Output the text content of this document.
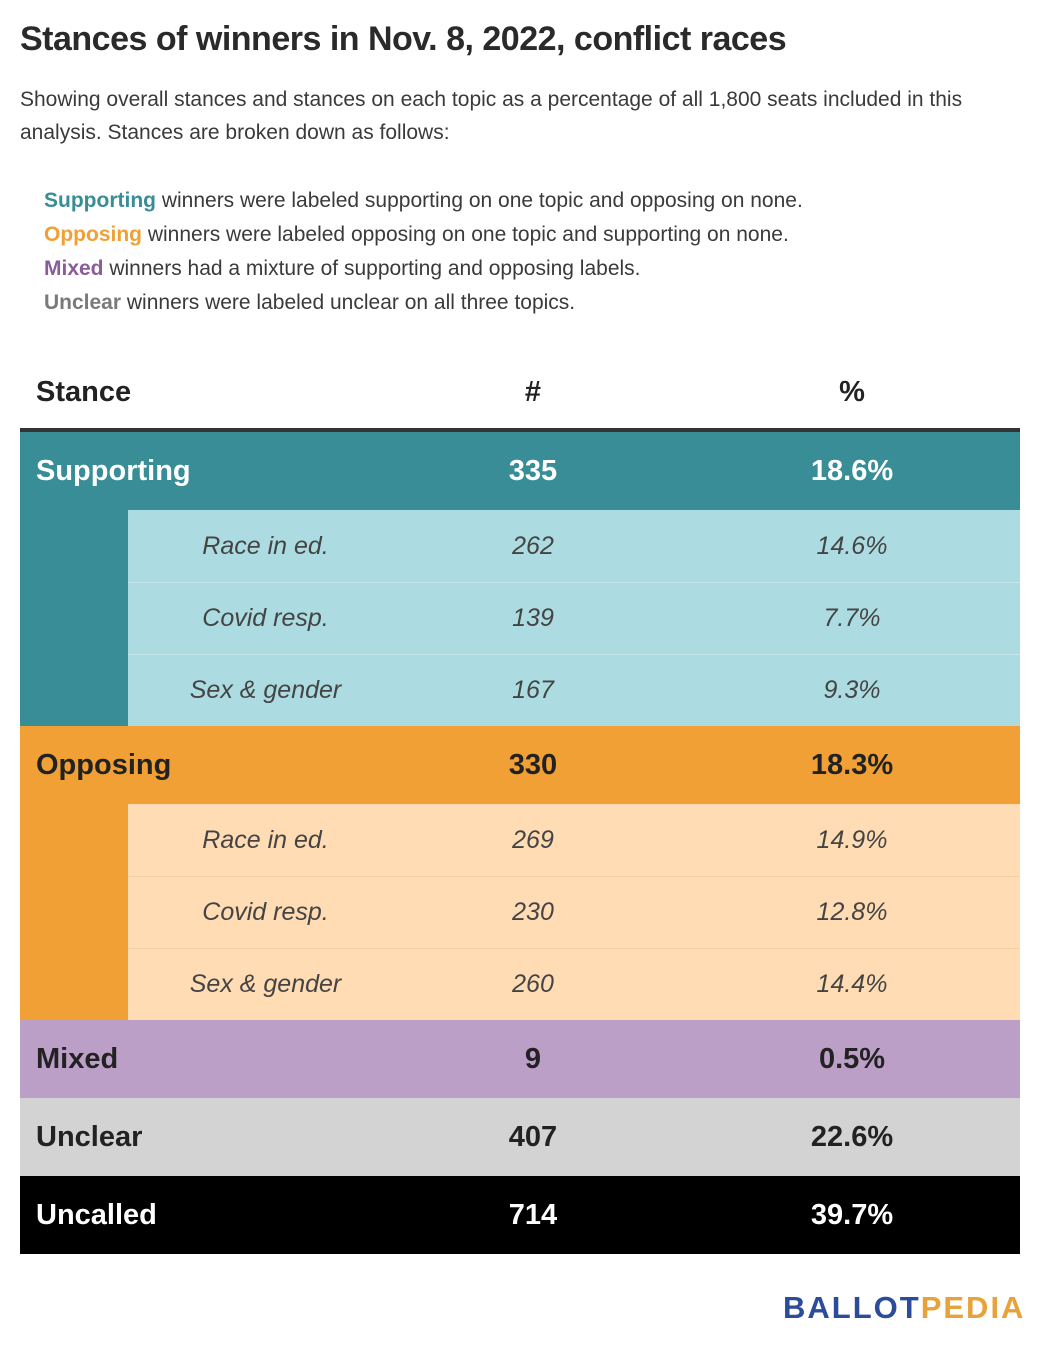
Stances of winners in Nov. 8, 2022, conflict races
Showing overall stances and stances on each topic as a percentage of all 1,800 seats included in this analysis. Stances are broken down as follows:
Supporting winners were labeled supporting on one topic and opposing on none.
Opposing winners were labeled opposing on one topic and supporting on none.
Mixed winners had a mixture of supporting and opposing labels.
Unclear winners were labeled unclear on all three topics.
Stance	#	%
Supporting	335	18.6%
Race in ed.	262	14.6%
Covid resp.	139	7.7%
Sex & gender	167	9.3%
Opposing	330	18.3%
Race in ed.	269	14.9%
Covid resp.	230	12.8%
Sex & gender	260	14.4%
Mixed	9	0.5%
Unclear	407	22.6%
Uncalled	714	39.7%
BALLOTPEDIA
